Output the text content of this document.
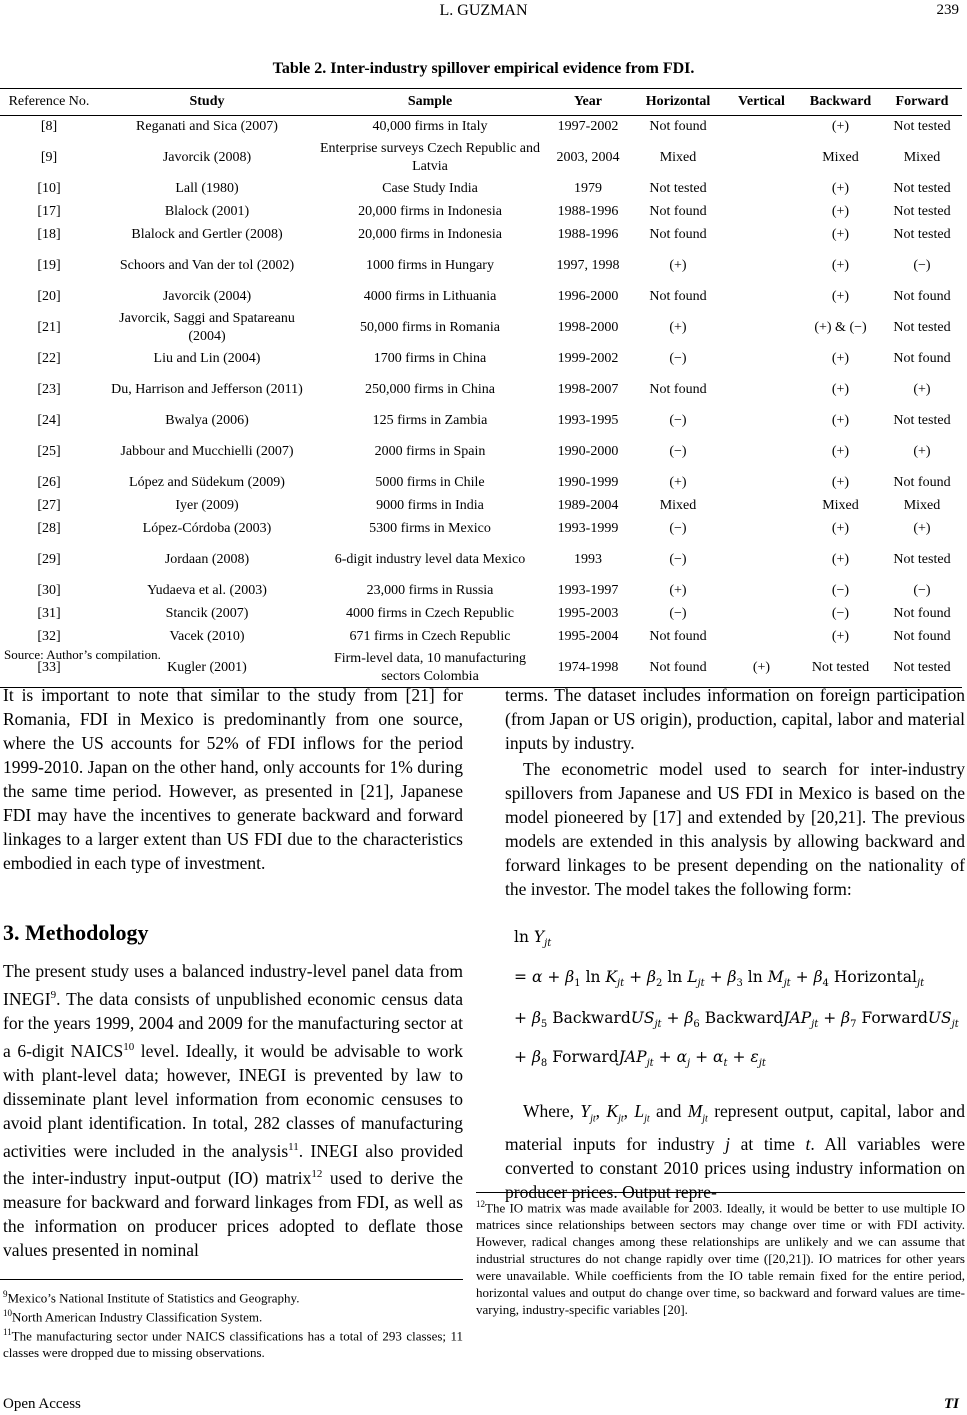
L. GUZMAN	239
Table 2. Inter-industry spillover empirical evidence from FDI.
Reference No.	Study	Sample	Year	Horizontal	Vertical	Backward	Forward
[8]	Reganati and Sica (2007)	40,000 firms in Italy	1997-2002	Not found		(+)	Not tested
[9]	Javorcik (2008)	Enterprise surveys Czech Republic and Latvia	2003, 2004	Mixed		Mixed	Mixed
[10]	Lall (1980)	Case Study India	1979	Not tested		(+)	Not tested
[17]	Blalock (2001)	20,000 firms in Indonesia	1988-1996	Not found		(+)	Not tested
[18]	Blalock and Gertler (2008)	20,000 firms in Indonesia	1988-1996	Not found		(+)	Not tested
[19]	Schoors and Van der tol (2002)	1000 firms in Hungary	1997, 1998	(+)		(+)	(−)
[20]	Javorcik (2004)	4000 firms in Lithuania	1996-2000	Not found		(+)	Not found
[21]	Javorcik, Saggi and Spatareanu (2004)	50,000 firms in Romania	1998-2000	(+)		(+) & (−)	Not tested
[22]	Liu and Lin (2004)	1700 firms in China	1999-2002	(−)		(+)	Not found
[23]	Du, Harrison and Jefferson (2011)	250,000 firms in China	1998-2007	Not found		(+)	(+)
[24]	Bwalya (2006)	125 firms in Zambia	1993-1995	(−)		(+)	Not tested
[25]	Jabbour and Mucchielli (2007)	2000 firms in Spain	1990-2000	(−)		(+)	(+)
[26]	López and Südekum (2009)	5000 firms in Chile	1990-1999	(+)		(+)	Not found
[27]	Iyer (2009)	9000 firms in India	1989-2004	Mixed		Mixed	Mixed
[28]	López-Córdoba (2003)	5300 firms in Mexico	1993-1999	(−)		(+)	(+)
[29]	Jordaan (2008)	6-digit industry level data Mexico	1993	(−)		(+)	Not tested
[30]	Yudaeva et al. (2003)	23,000 firms in Russia	1993-1997	(+)		(−)	(−)
[31]	Stancik (2007)	4000 firms in Czech Republic	1995-2003	(−)		(−)	Not found
[32]	Vacek (2010)	671 firms in Czech Republic	1995-2004	Not found		(+)	Not found
[33]	Kugler (2001)	Firm-level data, 10 manufacturing sectors Colombia	1974-1998	Not found	(+)	Not tested	Not tested
Source: Author’s compilation.

It is important to note that similar to the study from [21] for Romania, FDI in Mexico is predominantly from one source, where the US accounts for 52% of FDI inflows for the period 1999-2010. Japan on the other hand, only accounts for 1% during the same time period. However, as presented in [21], Japanese FDI may have the incentives to generate backward and forward linkages to a larger extent than US FDI due to the characteristics embodied in each type of investment.

3. Methodology

The present study uses a balanced industry-level panel data from INEGI$^9$. The data consists of unpublished economic census data for the years 1999, 2004 and 2009 for the manufacturing sector at a 6-digit NAICS$^{10}$ level. Ideally, it would be advisable to work with plant-level data; however, INEGI is prevented by law to disseminate plant level information from economic censuses to avoid plant identification. In total, 282 classes of manufacturing activities were included in the analysis$^{11}$. INEGI also provided the inter-industry input-output (IO) matrix$^{12}$ used to derive the measure for backward and forward linkages from FDI, as well as the information on producer prices adopted to deflate those values presented in nominal

$^9$Mexico’s National Institute of Statistics and Geography.
$^{10}$North American Industry Classification System.
$^{11}$The manufacturing sector under NAICS classifications has a total of 293 classes; 11 classes were dropped due to missing observations.

terms. The dataset includes information on foreign participation (from Japan or US origin), production, capital, labor and material inputs by industry.

The econometric model used to search for inter-industry spillovers from Japanese and US FDI in Mexico is based on the model pioneered by [17] and extended by [20,21]. The previous models are extended in this analysis by allowing backward and forward linkages to be present depending on the nationality of the investor. The model takes the following form:

$\ln Y_{jt}$
= $\alpha + \beta_1$ $\ln K_{jt} + \beta_2$ $\ln L_{jt} + \beta_3$ $\ln M_{jt} + \beta_4$ Horizontal$_{jt}$
+ $\beta_5$ BackwardUS$_{jt}$ + $\beta_6$ BackwardJAP$_{jt}$ + $\beta_7$ ForwardUS$_{jt}$
+ $\beta_8$ ForwardJAP$_{jt}$ + $\alpha_j + \alpha_t + \varepsilon_{jt}$

Where, $Y_{jt}$, $K_{jt}$, $L_{jt}$ and $M_{jt}$ represent output, capital, labor and material inputs for industry j at time t. All variables were converted to constant 2010 prices using industry information on producer prices. Output repre-

$^{12}$The IO matrix was made available for 2003. Ideally, it would be better to use multiple IO matrices since relationships between sectors may change over time or with FDI activity. However, radical changes among these relationships are unlikely and we can assume that industrial structures do not change rapidly over time ([20,21]). IO matrices for other years were unavailable. While coefficients from the IO table remain fixed for the entire period, horizontal values and output do change over time, so backward and forward values are time-varying, industry-specific variables [20].
Open Access	TI
